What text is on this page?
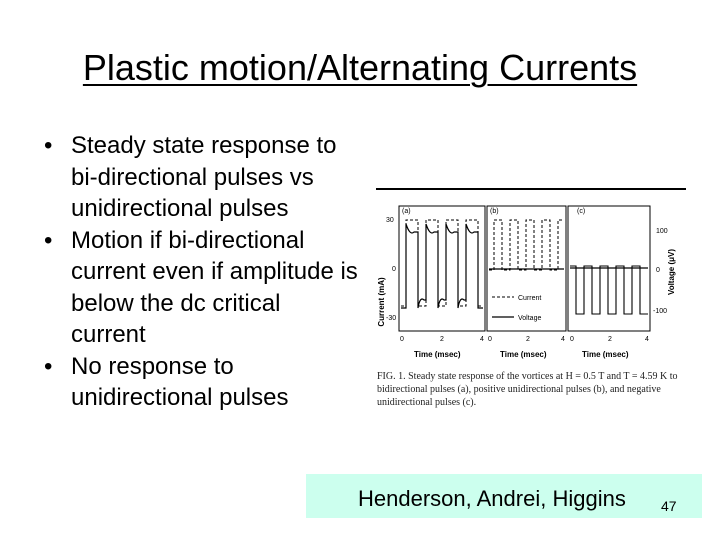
Plastic motion/Alternating Currents
• Steady state response to bi-directional pulses vs unidirectional pulses
• Motion if bi-directional current even if amplitude is below the dc critical current
• No response to unidirectional pulses
Current (mA)
Voltage (μV)
30
0
-30
100
0
-100
(a)	(b)	(c)
Current
Voltage
0	2	4 0	2	4 0	2	4
Time (msec)	Time (msec)	Time (msec)
FIG. 1. Steady state response of the vortices at H = 0.5 T and T = 4.59 K to bidirectional pulses (a), positive unidirectional pulses (b), and negative unidirectional pulses (c).
Henderson, Andrei, Higgins	47
